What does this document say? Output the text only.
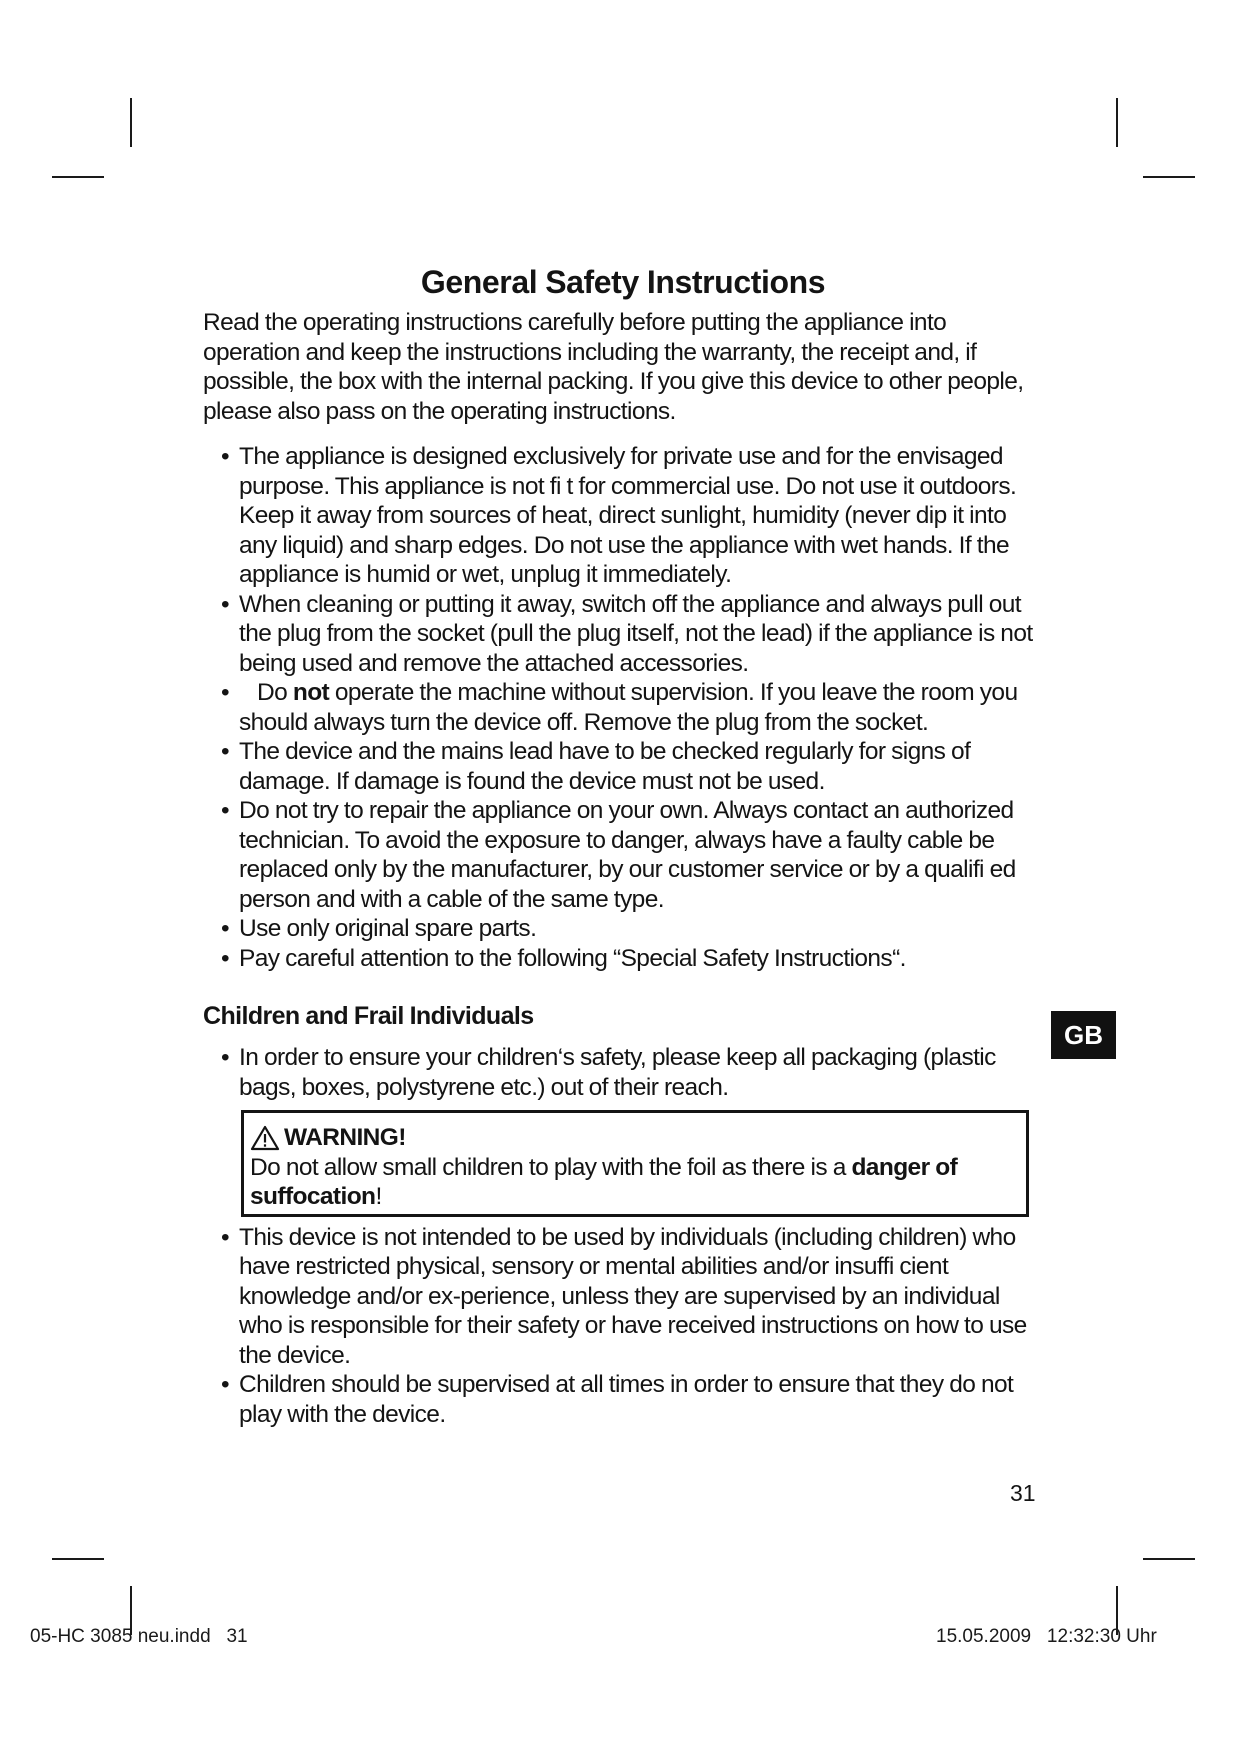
General Safety Instructions

Read the operating instructions carefully before putting the appliance into operation and keep the instructions including the warranty, the receipt and, if possible, the box with the internal packing. If you give this device to other people, please also pass on the operating instructions.

• The appliance is designed exclusively for private use and for the envisaged purpose. This appliance is not fi t for commercial use. Do not use it outdoors. Keep it away from sources of heat, direct sunlight, humidity (never dip it into any liquid) and sharp edges. Do not use the appliance with wet hands. If the appliance is humid or wet, unplug it immediately.
• When cleaning or putting it away, switch off the appliance and always pull out the plug from the socket (pull the plug itself, not the lead) if the appliance is not being used and remove the attached accessories.
• Do not operate the machine without supervision. If you leave the room you should always turn the device off. Remove the plug from the socket.
• The device and the mains lead have to be checked regularly for signs of damage. If damage is found the device must not be used.
• Do not try to repair the appliance on your own. Always contact an authorized technician. To avoid the exposure to danger, always have a faulty cable be replaced only by the manufacturer, by our customer service or by a qualifi ed person and with a cable of the same type.
• Use only original spare parts.
• Pay careful attention to the following “Special Safety Instructions“.
Children and Frail Individuals
• In order to ensure your children‘s safety, please keep all packaging (plastic bags, boxes, polystyrene etc.) out of their reach.
WARNING!

Do not allow small children to play with the foil as there is a danger of suffocation!

• This device is not intended to be used by individuals (including children) who have restricted physical, sensory or mental abilities and/or insuffi cient knowledge and/or ex-perience, unless they are supervised by an individual who is responsible for their safety or have received instructions on how to use the device.
• Children should be supervised at all times in order to ensure that they do not play with the device.
GB
31
05-HC 3085 neu.indd   31	15.05.2009   12:32:30 Uhr
